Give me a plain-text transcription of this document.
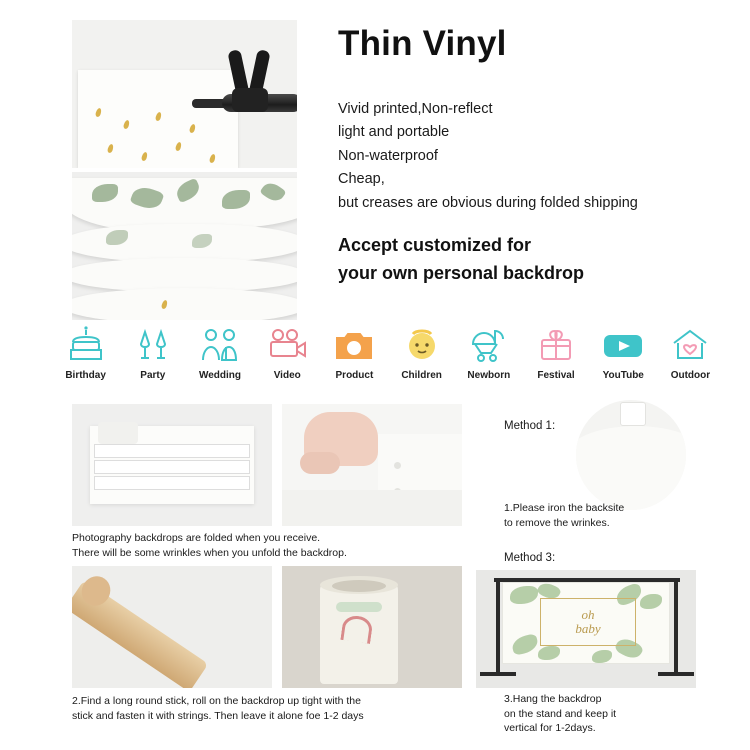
Thin Vinyl
Vivid printed,Non-reflect
light and portable
Non-waterproof
Cheap,
but creases are obvious during folded shipping
Accept customized for
your own personal backdrop
Birthday	Party	Wedding	Video	Product	Children	Newborn	Festival	YouTube	Outdoor
Photography backdrops are folded when you receive.
There will be some wrinkles when you unfold the backdrop.
2.Find a long round stick, roll on the backdrop up tight with the
stick and fasten it with strings. Then leave it alone foe 1-2 days
Method 1:
1.Please iron the backsite
to remove the wrinkes.
Method 3:
oh
baby
3.Hang the backdrop
on the stand and keep it
vertical for 1-2days.
